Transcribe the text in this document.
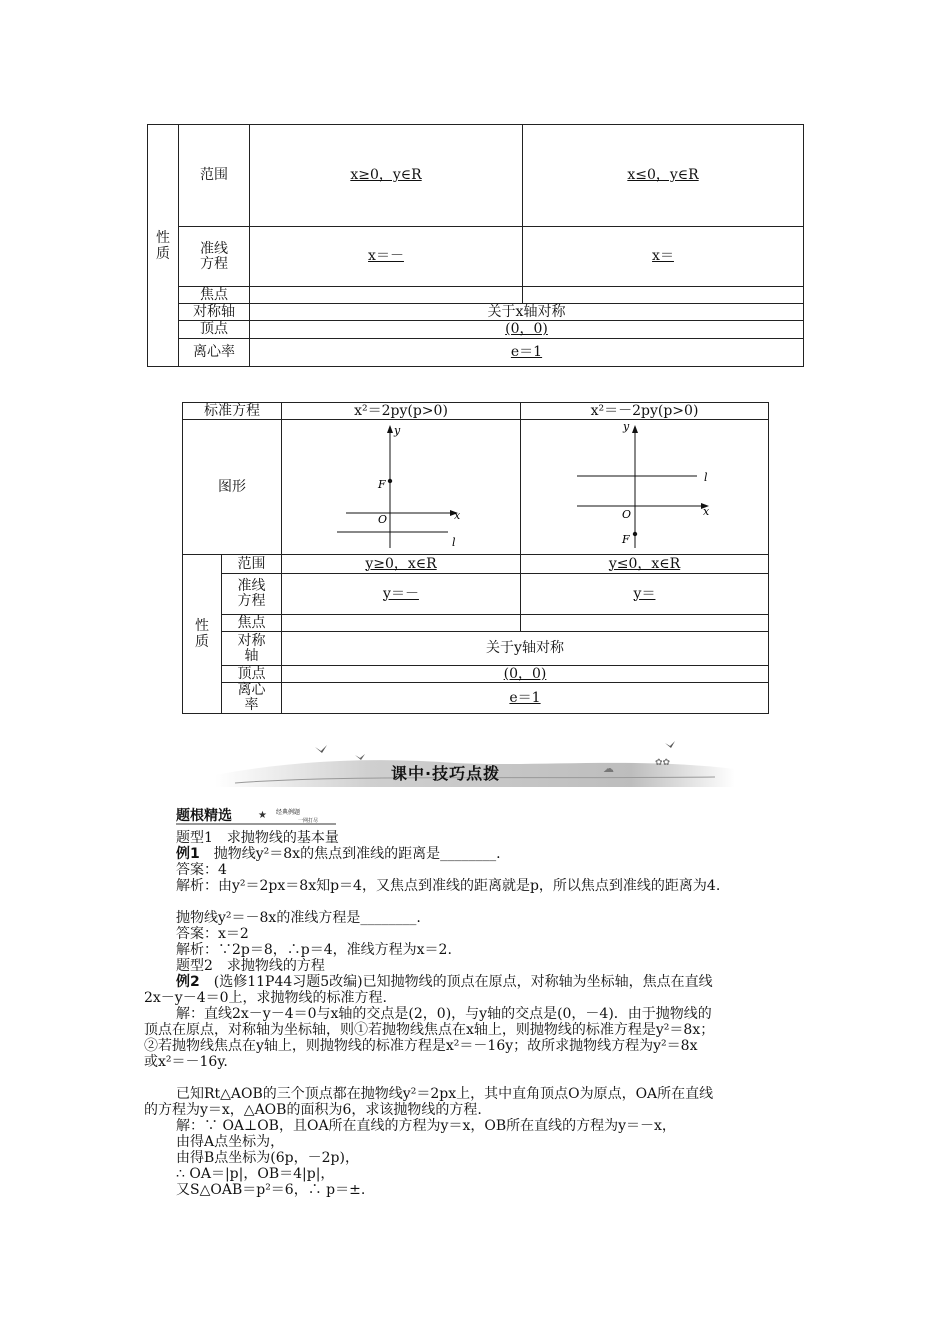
性质	范围	x≥0，y∈R	x≤0，y∈R

	准线方程	x＝－	x＝
	焦点		
	对称轴	关于x轴对称	
	顶点	(0，0)	
	离心率	e＝1	
标准方程		x²＝2py(p>0)	x²＝－2py(p>0)
图形		y
x
O
F
l	y
x
O
F
l

性质	范围	y≥0，x∈R	y≤0，x∈R

	准线方程	y＝－	y＝
	焦点		

	对称轴	关于y轴对称	
	顶点	(0，0)	

	离心率	e＝1	
☁	✿✿
课中·技巧点拨
题根精选	★ 经典例题
一网打尽
题型1　求抛物线的基本量
例1　 抛物线y²＝8x的焦点到准线的距离是________.
答案：4
解析：由y²＝2px＝8x知p＝4，又焦点到准线的距离就是p，所以焦点到准线的距离为4.
抛物线y²＝－8x的准线方程是________.
答案：x＝2
解析：∵2p＝8，∴p＝4，准线方程为x＝2.
题型2　求抛物线的方程
例2　 (选修11P44习题5改编)已知抛物线的顶点在原点，对称轴为坐标轴，焦点在直线
2x－y－4＝0上，求抛物线的标准方程.
解：直线2x－y－4＝0与x轴的交点是(2，0)，与y轴的交点是(0，－4)．由于抛物线的
顶点在原点，对称轴为坐标轴，则①若抛物线焦点在x轴上，则抛物线的标准方程是y²＝8x；
②若抛物线焦点在y轴上，则抛物线的标准方程是x²＝－16y；故所求抛物线方程为y²＝8x
或x²＝－16y.
已知Rt△AOB的三个顶点都在抛物线y²＝2px上，其中直角顶点O为原点，OA所在直线
的方程为y＝x，△AOB的面积为6，求该抛物线的方程.
解：∵ OA⊥OB，且OA所在直线的方程为y＝x，OB所在直线的方程为y＝－x，
由得A点坐标为，
由得B点坐标为(6p，－2p)，
∴ OA＝|p|，OB＝4|p|，
又S△OAB＝p²＝6，∴ p＝±.
